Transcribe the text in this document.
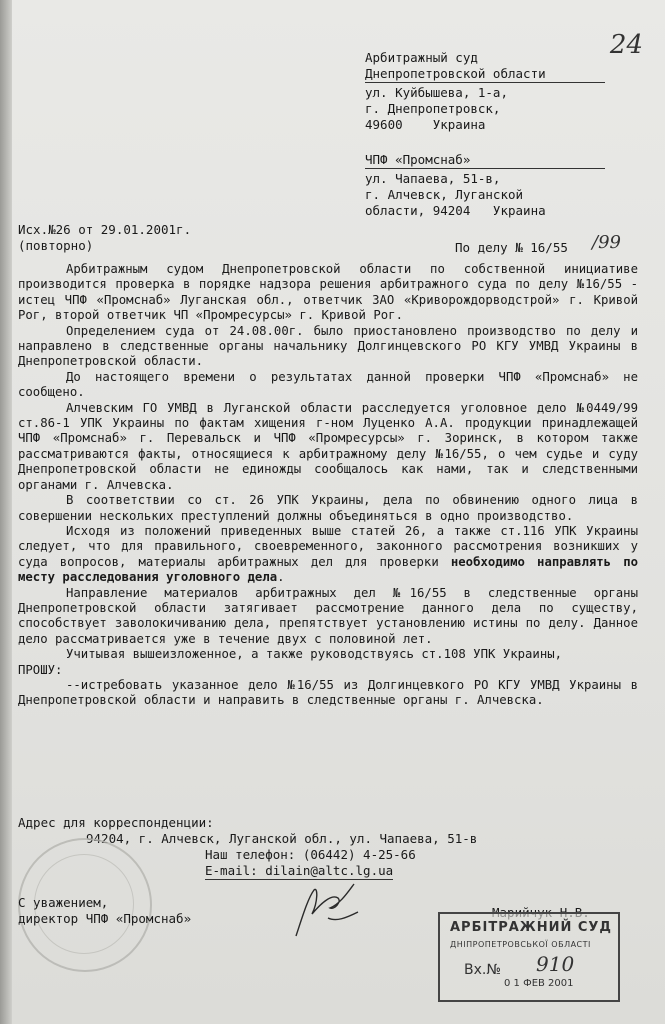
24
Арбитражный суд
Днепропетровской области
ул. Куйбышева, 1-а,
г. Днепропетровск,
49600    Украина
ЧПФ «Промснаб»
ул. Чапаева, 51-в,
г. Алчевск, Луганской
области, 94204   Украина
Исх.№26 от 29.01.2001г.
(повторно)	По делу № 16/55 /99

Арбитражным судом Днепропетровской области по собственной инициативе производится проверка в порядке надзора решения арбитражного суда по делу №16/55 - истец ЧПФ «Промснаб» Луганская обл., ответчик ЗАО «Криворождорводстрой» г. Кривой Рог, второй ответчик ЧП «Промресурсы» г. Кривой Рог.

Определением суда от 24.08.00г. было приостановлено производство по делу и направлено в следственные органы начальнику Долгинцевского РО КГУ УМВД Украины в Днепропетровской области.

До настоящего времени о результатах данной проверки ЧПФ «Промснаб» не сообщено.

Алчевским ГО УМВД в Луганской области расследуется уголовное дело №0449/99 ст.86-1 УПК Украины по фактам хищения г-ном Луценко А.А. продукции принадлежащей ЧПФ «Промснаб» г. Перевальск и ЧПФ «Промресурсы» г. Зоринск, в котором также рассматриваются факты, относящиеся к арбитражному делу №16/55, о чем судье и суду Днепропетровской области не единожды сообщалось как нами, так и следственными органами г. Алчевска.

В соответствии со ст. 26 УПК Украины, дела по обвинению одного лица в совершении нескольких преступлений должны объединяться в одно производство.

Исходя из положений приведенных выше статей 26, а также ст.116 УПК Украины следует, что для правильного, своевременного, законного рассмотрения возникших у суда вопросов, материалы арбитражных дел для проверки необходимо направлять по месту расследования уголовного дела.

Направление материалов арбитражных дел №16/55 в следственные органы Днепропетровской области затягивает рассмотрение данного дела по существу, способствует заволокичиванию дела, препятствует установлению истины по делу. Данное дело рассматривается уже в течение двух с половиной лет.

Учитывая вышеизложенное, а также руководствуясь ст.108 УПК Украины,

ПРОШУ:

--истребовать указанное дело №16/55 из Долгинцевкого РО КГУ УМВД Украины в Днепропетровской области и направить в следственные органы г. Алчевска.

Адрес для корреспонденции:
94204, г. Алчевск, Луганской обл., ул. Чапаева, 51-в
Наш телефон: (06442) 4-25-66
E-mail: dilain@altc.lg.ua
С уважением,
директор ЧПФ «Промснаб»
АРБІТРАЖНИЙ СУД
ДНІПРОПЕТРОВСЬКОЇ ОБЛАСТІ
Вх.№ 910
0 1 ФЕВ 2001
